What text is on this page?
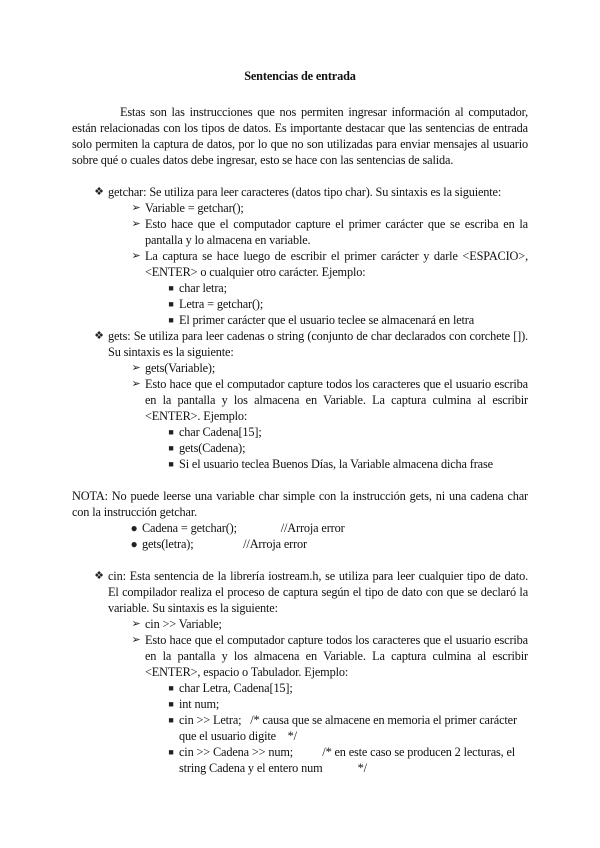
Sentencias de entrada
Estas son las instrucciones que nos permiten ingresar información al computador, están relacionadas con los tipos de datos. Es importante destacar que las sentencias de entrada solo permiten la captura de datos, por lo que no son utilizadas para enviar mensajes al usuario sobre qué o cuales datos debe ingresar, esto se hace con las sentencias de salida.
❖ getchar: Se utiliza para leer caracteres (datos tipo char). Su sintaxis es la siguiente:
➢ Variable = getchar();
➢ Esto hace que el computador capture el primer carácter que se escriba en la pantalla y lo almacena en variable.
➢ La captura se hace luego de escribir el primer carácter y darle <ESPACIO>,<ENTER> o cualquier otro carácter. Ejemplo:
■ char letra;
■ Letra = getchar();
■ El primer carácter que el usuario teclee se almacenará en letra
❖ gets: Se utiliza para leer cadenas o string (conjunto de char declarados con corchete []). Su sintaxis es la siguiente:
➢ gets(Variable);
➢ Esto hace que el computador capture todos los caracteres que el usuario escriba en la pantalla y los almacena en Variable. La captura culmina al escribir <ENTER>. Ejemplo:
■ char Cadena[15];
■ gets(Cadena);
■ Si el usuario teclea Buenos Días, la Variable almacena dicha frase
NOTA: No puede leerse una variable char simple con la instrucción gets, ni una cadena char con la instrucción getchar.
● Cadena = getchar();               //Arroja error
● gets(letra);                 //Arroja error
❖ cin: Esta sentencia de la librería iostream.h, se utiliza para leer cualquier tipo de dato. El compilador realiza el proceso de captura según el tipo de dato con que se declaró la variable. Su sintaxis es la siguiente:
➢ cin >> Variable;
➢ Esto hace que el computador capture todos los caracteres que el usuario escriba en la pantalla y los almacena en Variable. La captura culmina al escribir <ENTER>, espacio o Tabulador. Ejemplo:
■ char Letra, Cadena[15];
■ int num;
■ cin >> Letra;   /* causa que se almacene en memoria el primer carácter que el usuario digite    */
■ cin >> Cadena >> num;          /* en este caso se producen 2 lecturas, el string Cadena y el entero num            */
